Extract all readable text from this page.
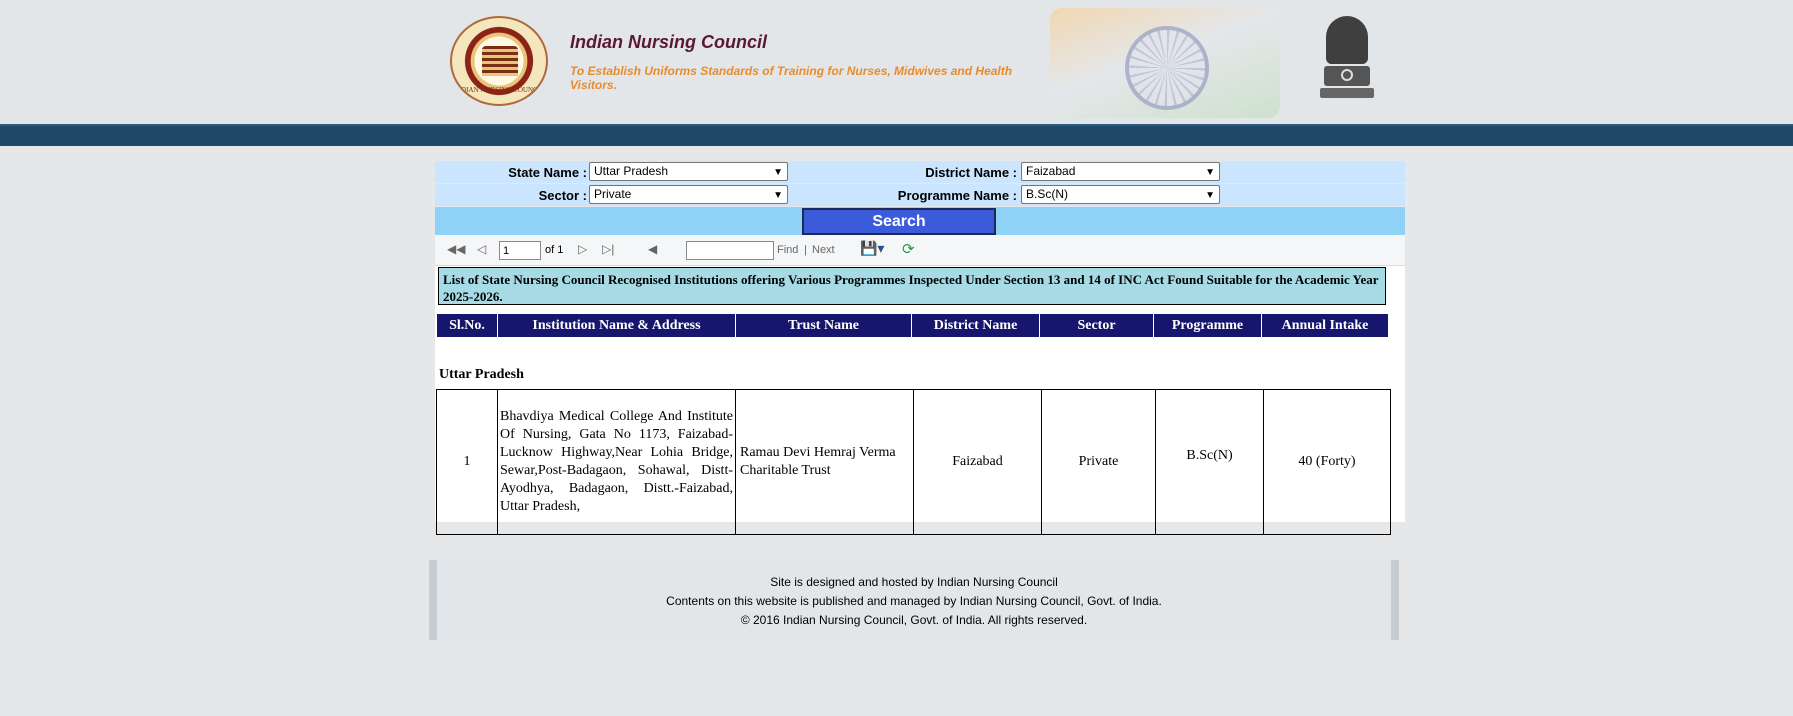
INDIAN NURSING COUNCIL
Indian Nursing Council
To Establish Uniforms Standards of Training for Nurses, Midwives and Health Visitors.
State Name : Uttar Pradesh	▼	District Name : Faizabad	▼
Sector : Private	▼	Programme Name : B.Sc(N)	▼
Search
◀◀ ◁
1	of 1 ▷ ▷|	◀	Find | Next 💾▾ ⟳
List of State Nursing Council Recognised Institutions offering Various Programmes Inspected Under Section 13 and 14 of INC Act Found Suitable for the Academic Year 2025-2026.
Sl.No.	Institution Name & Address	Trust Name	District Name	Sector	Programme	Annual Intake
Uttar Pradesh
1	Bhavdiya Medical College And Institute Of Nursing, Gata No 1173, Faizabad-Lucknow Highway,Near Lohia Bridge, Sewar,Post-Badagaon, Sohawal, Distt-Ayodhya, Badagaon, Distt.-Faizabad, Uttar Pradesh,	Ramau Devi Hemraj Verma Charitable Trust	Faizabad	Private	B.Sc(N)	40 (Forty)
Site is designed and hosted by Indian Nursing Council
Contents on this website is published and managed by Indian Nursing Council, Govt. of India.
© 2016 Indian Nursing Council, Govt. of India. All rights reserved.
